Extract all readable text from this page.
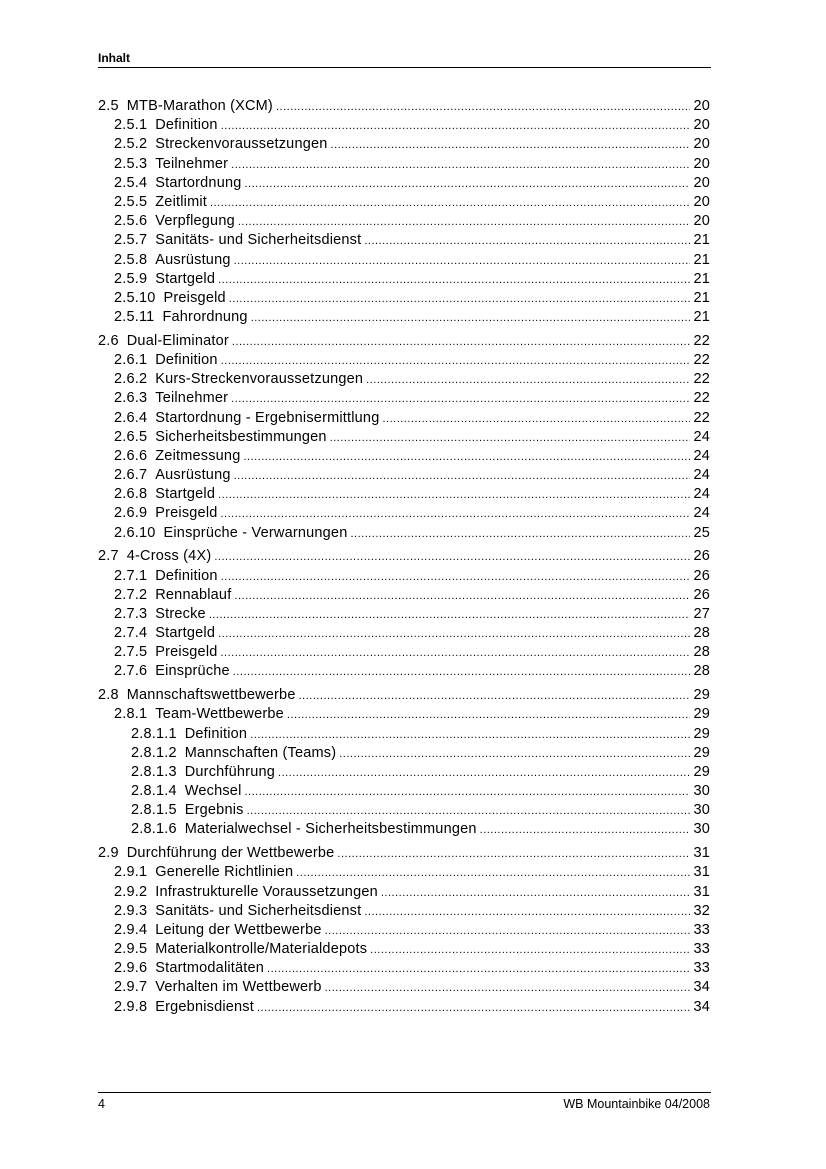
Inhalt
2.5 MTB-Marathon (XCM) .....	20
2.5.1 Definition .....	20
2.5.2 Streckenvoraussetzungen .....	20
2.5.3 Teilnehmer .....	20
2.5.4 Startordnung .....	20
2.5.5 Zeitlimit .....	20
2.5.6 Verpflegung .....	20
2.5.7 Sanitäts- und Sicherheitsdienst .....	21
2.5.8 Ausrüstung .....	21
2.5.9 Startgeld .....	21
2.5.10 Preisgeld .....	21
2.5.11 Fahrordnung .....	21
2.6 Dual-Eliminator .....	22
2.6.1 Definition .....	22
2.6.2 Kurs-Streckenvoraussetzungen .....	22
2.6.3 Teilnehmer .....	22
2.6.4 Startordnung - Ergebnisermittlung .....	22
2.6.5 Sicherheitsbestimmungen .....	24
2.6.6 Zeitmessung .....	24
2.6.7 Ausrüstung .....	24
2.6.8 Startgeld .....	24
2.6.9 Preisgeld .....	24
2.6.10 Einsprüche - Verwarnungen .....	25
2.7 4-Cross (4X) .....	26
2.7.1 Definition .....	26
2.7.2 Rennablauf .....	26
2.7.3 Strecke .....	27
2.7.4 Startgeld .....	28
2.7.5 Preisgeld .....	28
2.7.6 Einsprüche .....	28
2.8 Mannschaftswettbewerbe .....	29
2.8.1 Team-Wettbewerbe .....	29
2.8.1.1 Definition .....	29
2.8.1.2 Mannschaften (Teams) .....	29
2.8.1.3 Durchführung .....	29
2.8.1.4 Wechsel .....	30
2.8.1.5 Ergebnis .....	30
2.8.1.6 Materialwechsel - Sicherheitsbestimmungen .....	30
2.9 Durchführung der Wettbewerbe .....	31
2.9.1 Generelle Richtlinien .....	31
2.9.2 Infrastrukturelle Voraussetzungen .....	31
2.9.3 Sanitäts- und Sicherheitsdienst .....	32
2.9.4 Leitung der Wettbewerbe .....	33
2.9.5 Materialkontrolle/Materialdepots .....	33
2.9.6 Startmodalitäten .....	33
2.9.7 Verhalten im Wettbewerb .....	34
2.9.8 Ergebnisdienst .....	34
4	WB Mountainbike 04/2008
